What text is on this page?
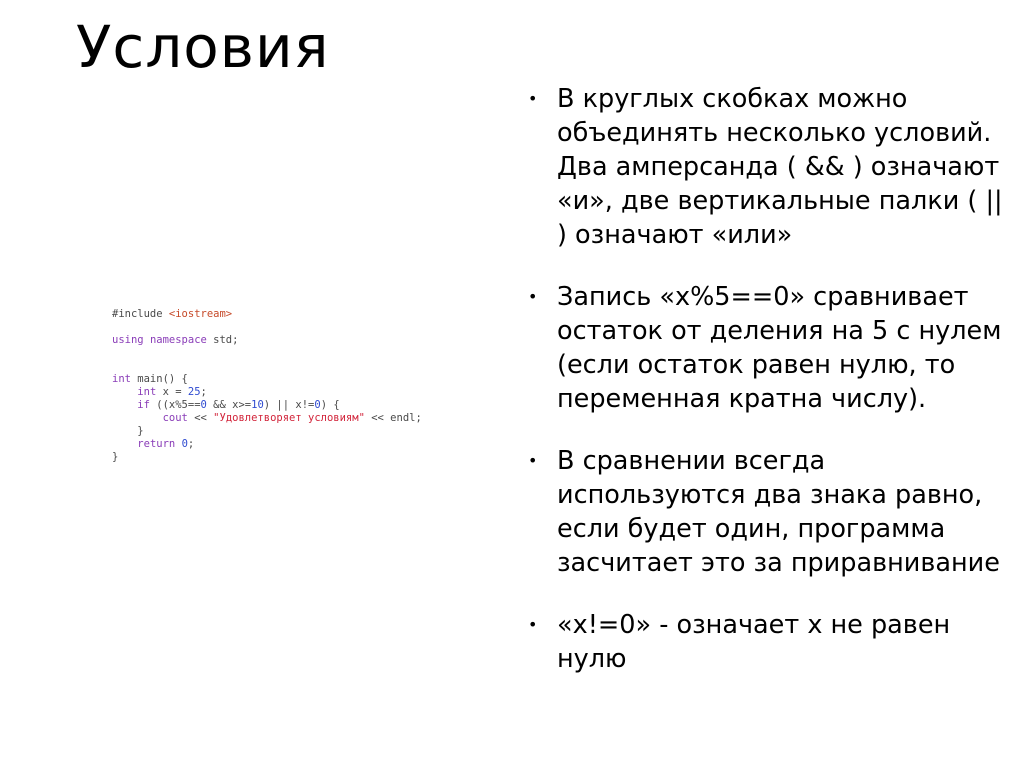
Условия
#include <iostream>
using namespace std;
int main() {
int x = 25;
if ((x%5==0 && x>=10) || x!=0) {
cout << "Удовлетворяет условиям" << endl;
}
return 0;
}
• В круглых скобках можно объединять несколько условий. Два амперсанда ( && ) означают «и», две вертикальные палки ( || ) означают «или»
• Запись «x%5==0» сравнивает остаток от деления на 5 с нулем (если остаток равен нулю, то переменная кратна числу).
• В сравнении всегда используются два знака равно, если будет один, программа засчитает это за приравнивание
• «x!=0» - означает x не равен нулю
